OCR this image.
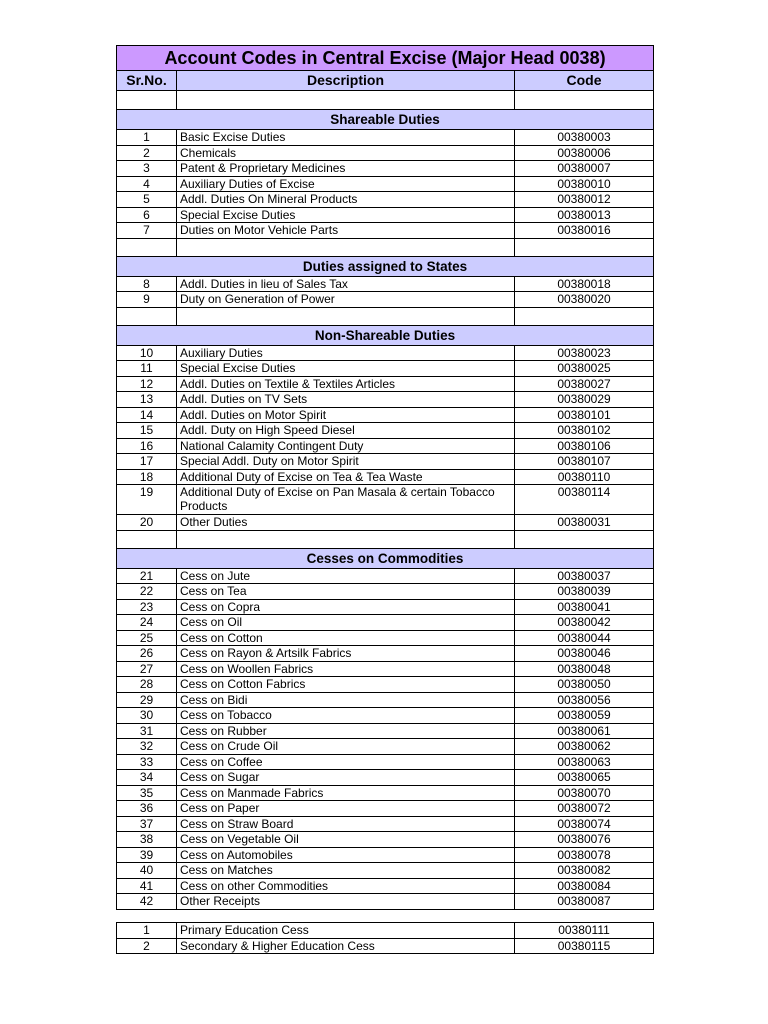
Account Codes in Central Excise (Major Head 0038)		
Sr.No.	Description	Code

Shareable Duties		
1	Basic Excise Duties	00380003
2	Chemicals	00380006
3	Patent & Proprietary Medicines	00380007
4	Auxiliary Duties of Excise	00380010
5	Addl. Duties On Mineral Products	00380012
6	Special Excise Duties	00380013
7	Duties on Motor Vehicle Parts	00380016

Duties assigned to States		
8	Addl. Duties in lieu of Sales Tax	00380018
9	Duty on Generation of Power	00380020

Non-Shareable Duties		
10	Auxiliary Duties	00380023
11	Special Excise Duties	00380025
12	Addl. Duties on Textile & Textiles Articles	00380027
13	Addl. Duties on TV Sets	00380029
14	Addl. Duties on Motor Spirit	00380101
15	Addl. Duty on High Speed Diesel	00380102
16	National Calamity Contingent Duty	00380106
17	Special Addl. Duty on Motor Spirit	00380107
18	Additional Duty of Excise on Tea & Tea Waste	00380110
19	Additional Duty of Excise on Pan Masala & certain Tobacco Products	00380114
20	Other Duties	00380031

Cesses on Commodities		
21	Cess on Jute	00380037
22	Cess on Tea	00380039
23	Cess on Copra	00380041
24	Cess on Oil	00380042
25	Cess on Cotton	00380044
26	Cess on Rayon & Artsilk Fabrics	00380046
27	Cess on Woollen Fabrics	00380048
28	Cess on Cotton Fabrics	00380050
29	Cess on Bidi	00380056
30	Cess on Tobacco	00380059
31	Cess on Rubber	00380061
32	Cess on Crude Oil	00380062
33	Cess on Coffee	00380063
34	Cess on Sugar	00380065
35	Cess on Manmade Fabrics	00380070
36	Cess on Paper	00380072
37	Cess on Straw Board	00380074
38	Cess on Vegetable Oil	00380076
39	Cess on Automobiles	00380078
40	Cess on Matches	00380082
41	Cess on other Commodities	00380084
42	Other Receipts	00380087
1	Primary Education Cess	00380111
2	Secondary & Higher Education Cess	00380115
